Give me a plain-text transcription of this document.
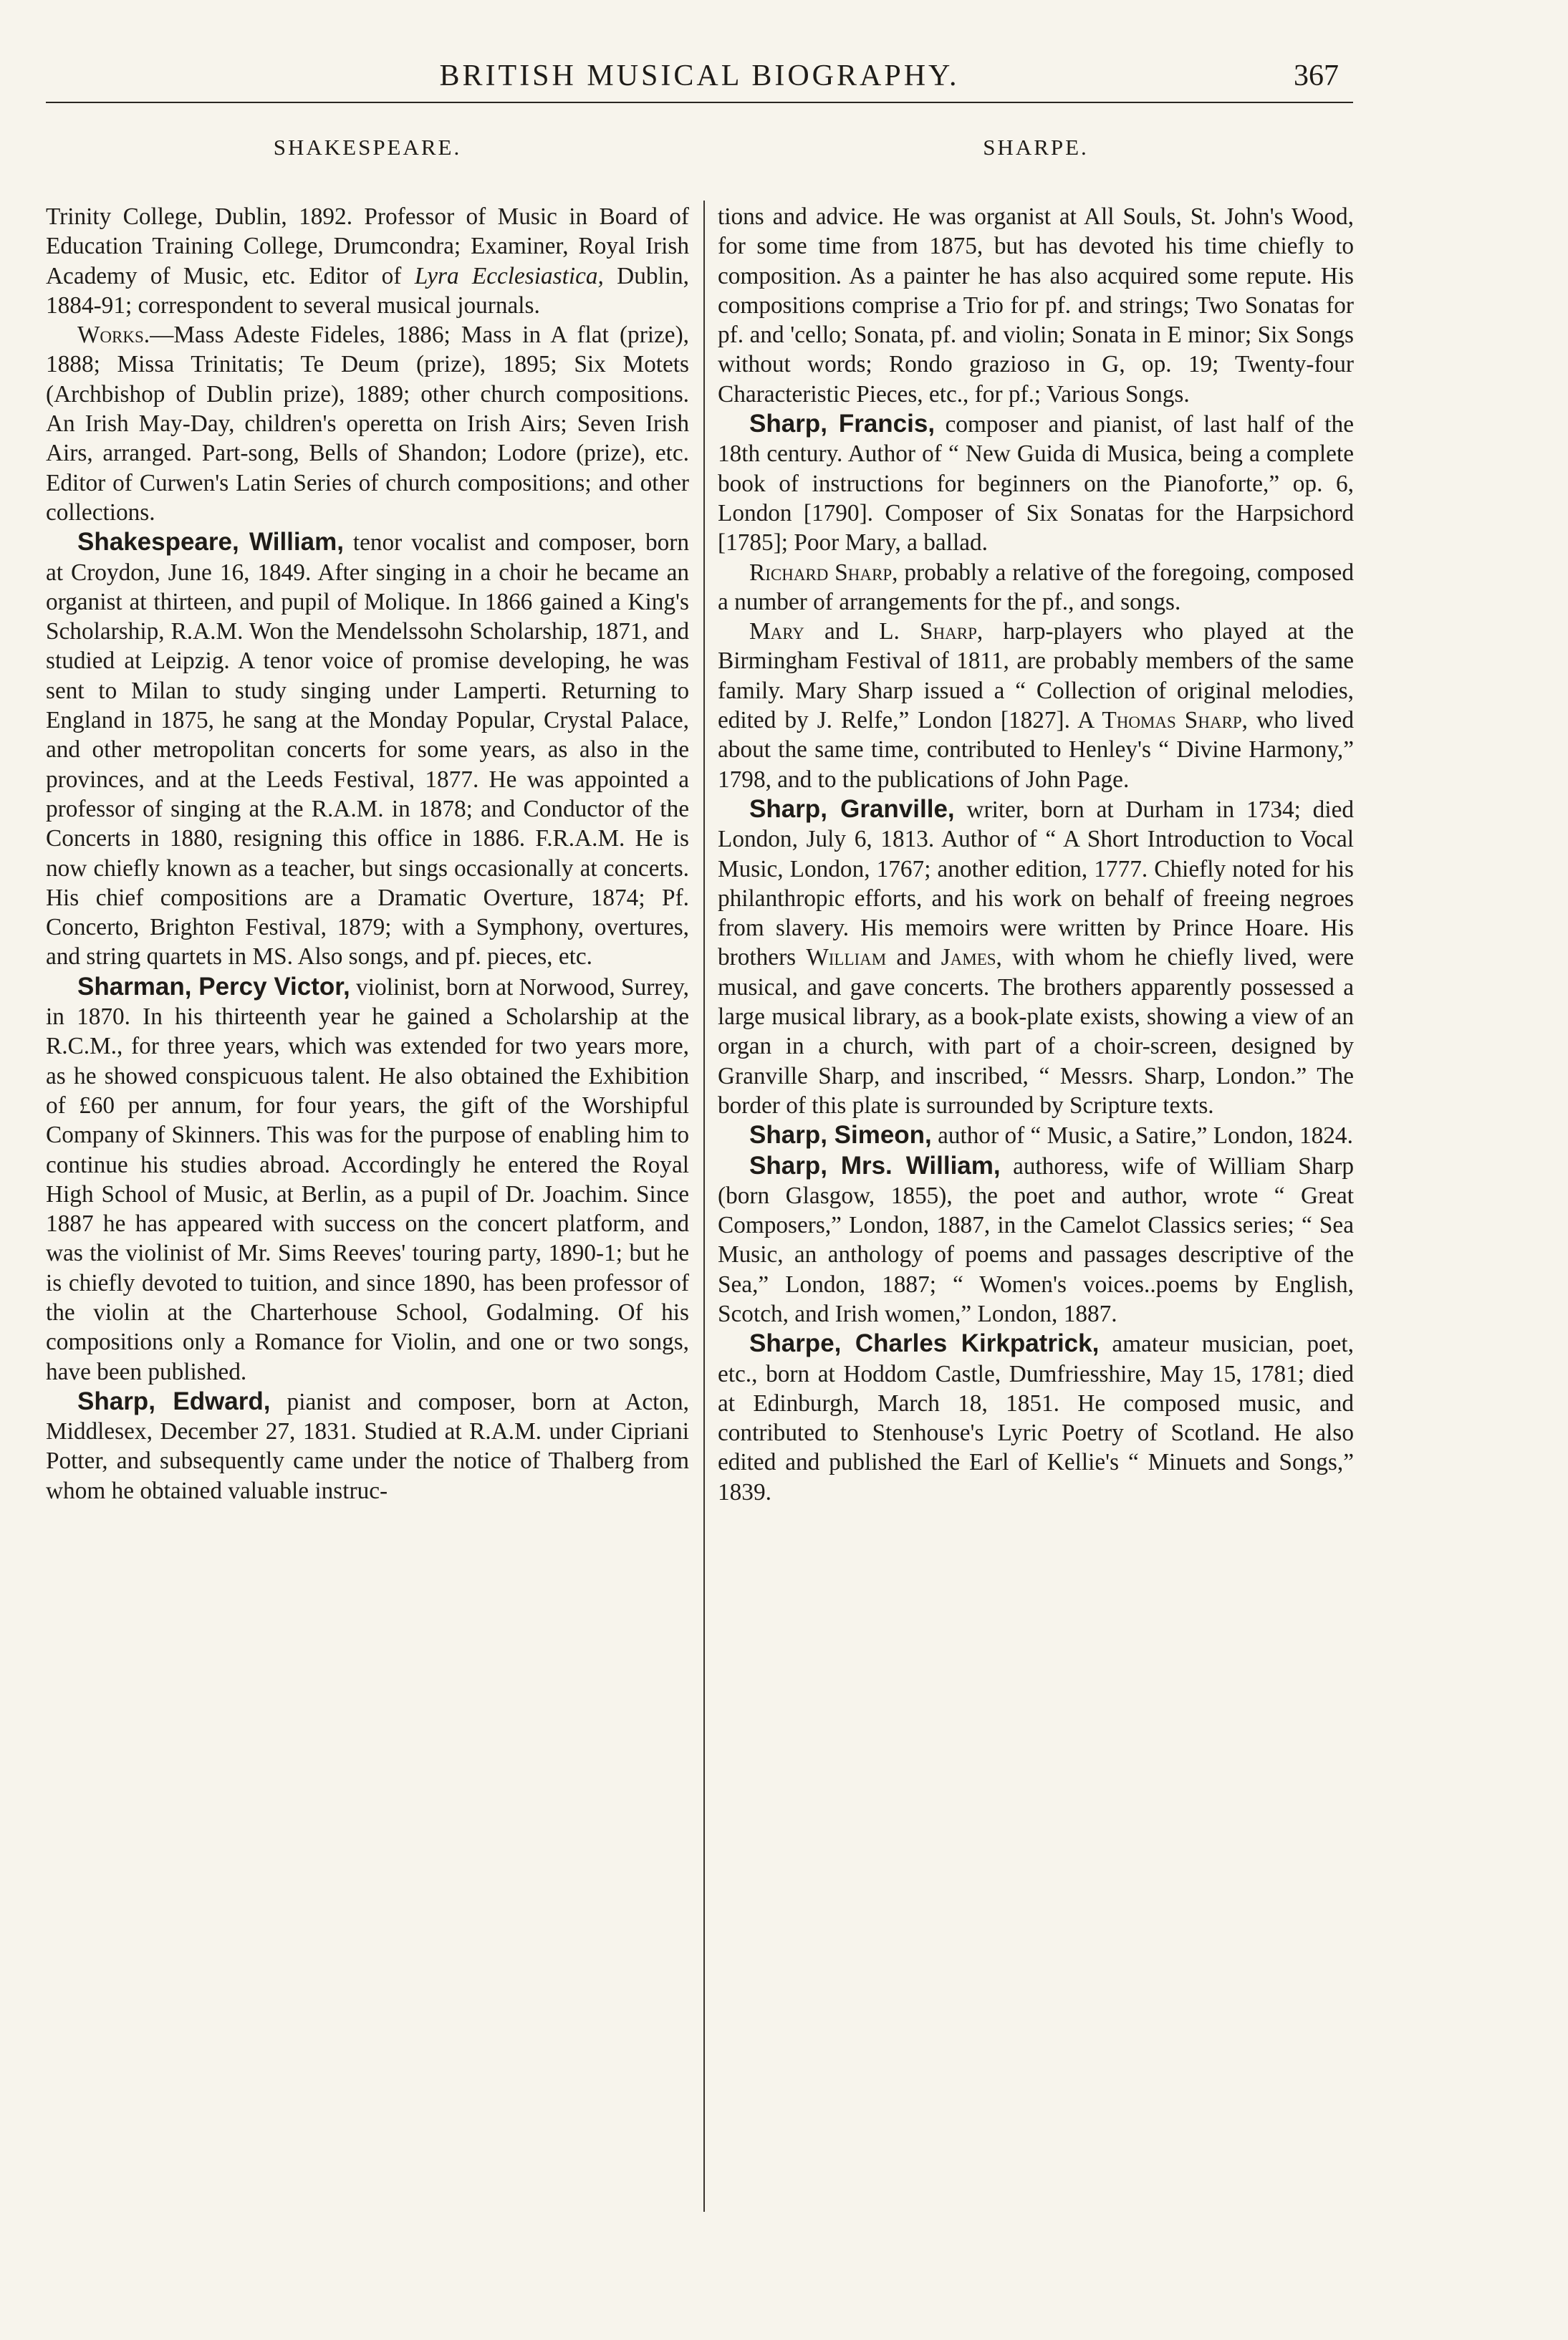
BRITISH MUSICAL BIOGRAPHY.	367
SHAKESPEARE.	SHARPE.

Trinity College, Dublin, 1892. Professor of Music in Board of Education Training College, Drumcondra; Examiner, Royal Irish Academy of Music, etc. Editor of Lyra Ecclesiastica, Dublin, 1884-91; correspondent to several musical journals.

Works.—Mass Adeste Fideles, 1886; Mass in A flat (prize), 1888; Missa Trinitatis; Te Deum (prize), 1895; Six Motets (Archbishop of Dublin prize), 1889; other church compositions. An Irish May-Day, children's operetta on Irish Airs; Seven Irish Airs, arranged. Part-song, Bells of Shandon; Lodore (prize), etc. Editor of Curwen's Latin Series of church compositions; and other collections.

Shakespeare, William, tenor vocalist and composer, born at Croydon, June 16, 1849. After singing in a choir he became an organist at thirteen, and pupil of Molique. In 1866 gained a King's Scholarship, R.A.M. Won the Mendelssohn Scholarship, 1871, and studied at Leipzig. A tenor voice of promise developing, he was sent to Milan to study singing under Lamperti. Returning to England in 1875, he sang at the Monday Popular, Crystal Palace, and other metropolitan concerts for some years, as also in the provinces, and at the Leeds Festival, 1877. He was appointed a professor of singing at the R.A.M. in 1878; and Conductor of the Concerts in 1880, resigning this office in 1886. F.R.A.M. He is now chiefly known as a teacher, but sings occasionally at concerts. His chief compositions are a Dramatic Overture, 1874; Pf. Concerto, Brighton Festival, 1879; with a Symphony, overtures, and string quartets in MS. Also songs, and pf. pieces, etc.

Sharman, Percy Victor, violinist, born at Norwood, Surrey, in 1870. In his thirteenth year he gained a Scholarship at the R.C.M., for three years, which was extended for two years more, as he showed conspicuous talent. He also obtained the Exhibition of £60 per annum, for four years, the gift of the Worshipful Company of Skinners. This was for the purpose of enabling him to continue his studies abroad. Accordingly he entered the Royal High School of Music, at Berlin, as a pupil of Dr. Joachim. Since 1887 he has appeared with success on the concert platform, and was the violinist of Mr. Sims Reeves' touring party, 1890-1; but he is chiefly devoted to tuition, and since 1890, has been professor of the violin at the Charterhouse School, Godalming. Of his compositions only a Romance for Violin, and one or two songs, have been published.

Sharp, Edward, pianist and composer, born at Acton, Middlesex, December 27, 1831. Studied at R.A.M. under Cipriani Potter, and subsequently came under the notice of Thalberg from whom he obtained valuable instruc-

tions and advice. He was organist at All Souls, St. John's Wood, for some time from 1875, but has devoted his time chiefly to composition. As a painter he has also acquired some repute. His compositions comprise a Trio for pf. and strings; Two Sonatas for pf. and 'cello; Sonata, pf. and violin; Sonata in E minor; Six Songs without words; Rondo grazioso in G, op. 19; Twenty-four Characteristic Pieces, etc., for pf.; Various Songs.

Sharp, Francis, composer and pianist, of last half of the 18th century. Author of “ New Guida di Musica, being a complete book of instructions for beginners on the Pianoforte,” op. 6, London [1790]. Composer of Six Sonatas for the Harpsichord [1785]; Poor Mary, a ballad.

Richard Sharp, probably a relative of the foregoing, composed a number of arrangements for the pf., and songs.

Mary and L. Sharp, harp-players who played at the Birmingham Festival of 1811, are probably members of the same family. Mary Sharp issued a “ Collection of original melodies, edited by J. Relfe,” London [1827]. A Thomas Sharp, who lived about the same time, contributed to Henley's “ Divine Harmony,” 1798, and to the publications of John Page.

Sharp, Granville, writer, born at Durham in 1734; died London, July 6, 1813. Author of “ A Short Introduction to Vocal Music, London, 1767; another edition, 1777. Chiefly noted for his philanthropic efforts, and his work on behalf of freeing negroes from slavery. His memoirs were written by Prince Hoare. His brothers William and James, with whom he chiefly lived, were musical, and gave concerts. The brothers apparently possessed a large musical library, as a book-plate exists, showing a view of an organ in a church, with part of a choir-screen, designed by Granville Sharp, and inscribed, “ Messrs. Sharp, London.” The border of this plate is surrounded by Scripture texts.

Sharp, Simeon, author of “ Music, a Satire,” London, 1824.

Sharp, Mrs. William, authoress, wife of William Sharp (born Glasgow, 1855), the poet and author, wrote “ Great Composers,” London, 1887, in the Camelot Classics series; “ Sea Music, an anthology of poems and passages descriptive of the Sea,” London, 1887; “ Women's voices..poems by English, Scotch, and Irish women,” London, 1887.

Sharpe, Charles Kirkpatrick, amateur musician, poet, etc., born at Hoddom Castle, Dumfriesshire, May 15, 1781; died at Edinburgh, March 18, 1851. He composed music, and contributed to Stenhouse's Lyric Poetry of Scotland. He also edited and published the Earl of Kellie's “ Minuets and Songs,” 1839.
